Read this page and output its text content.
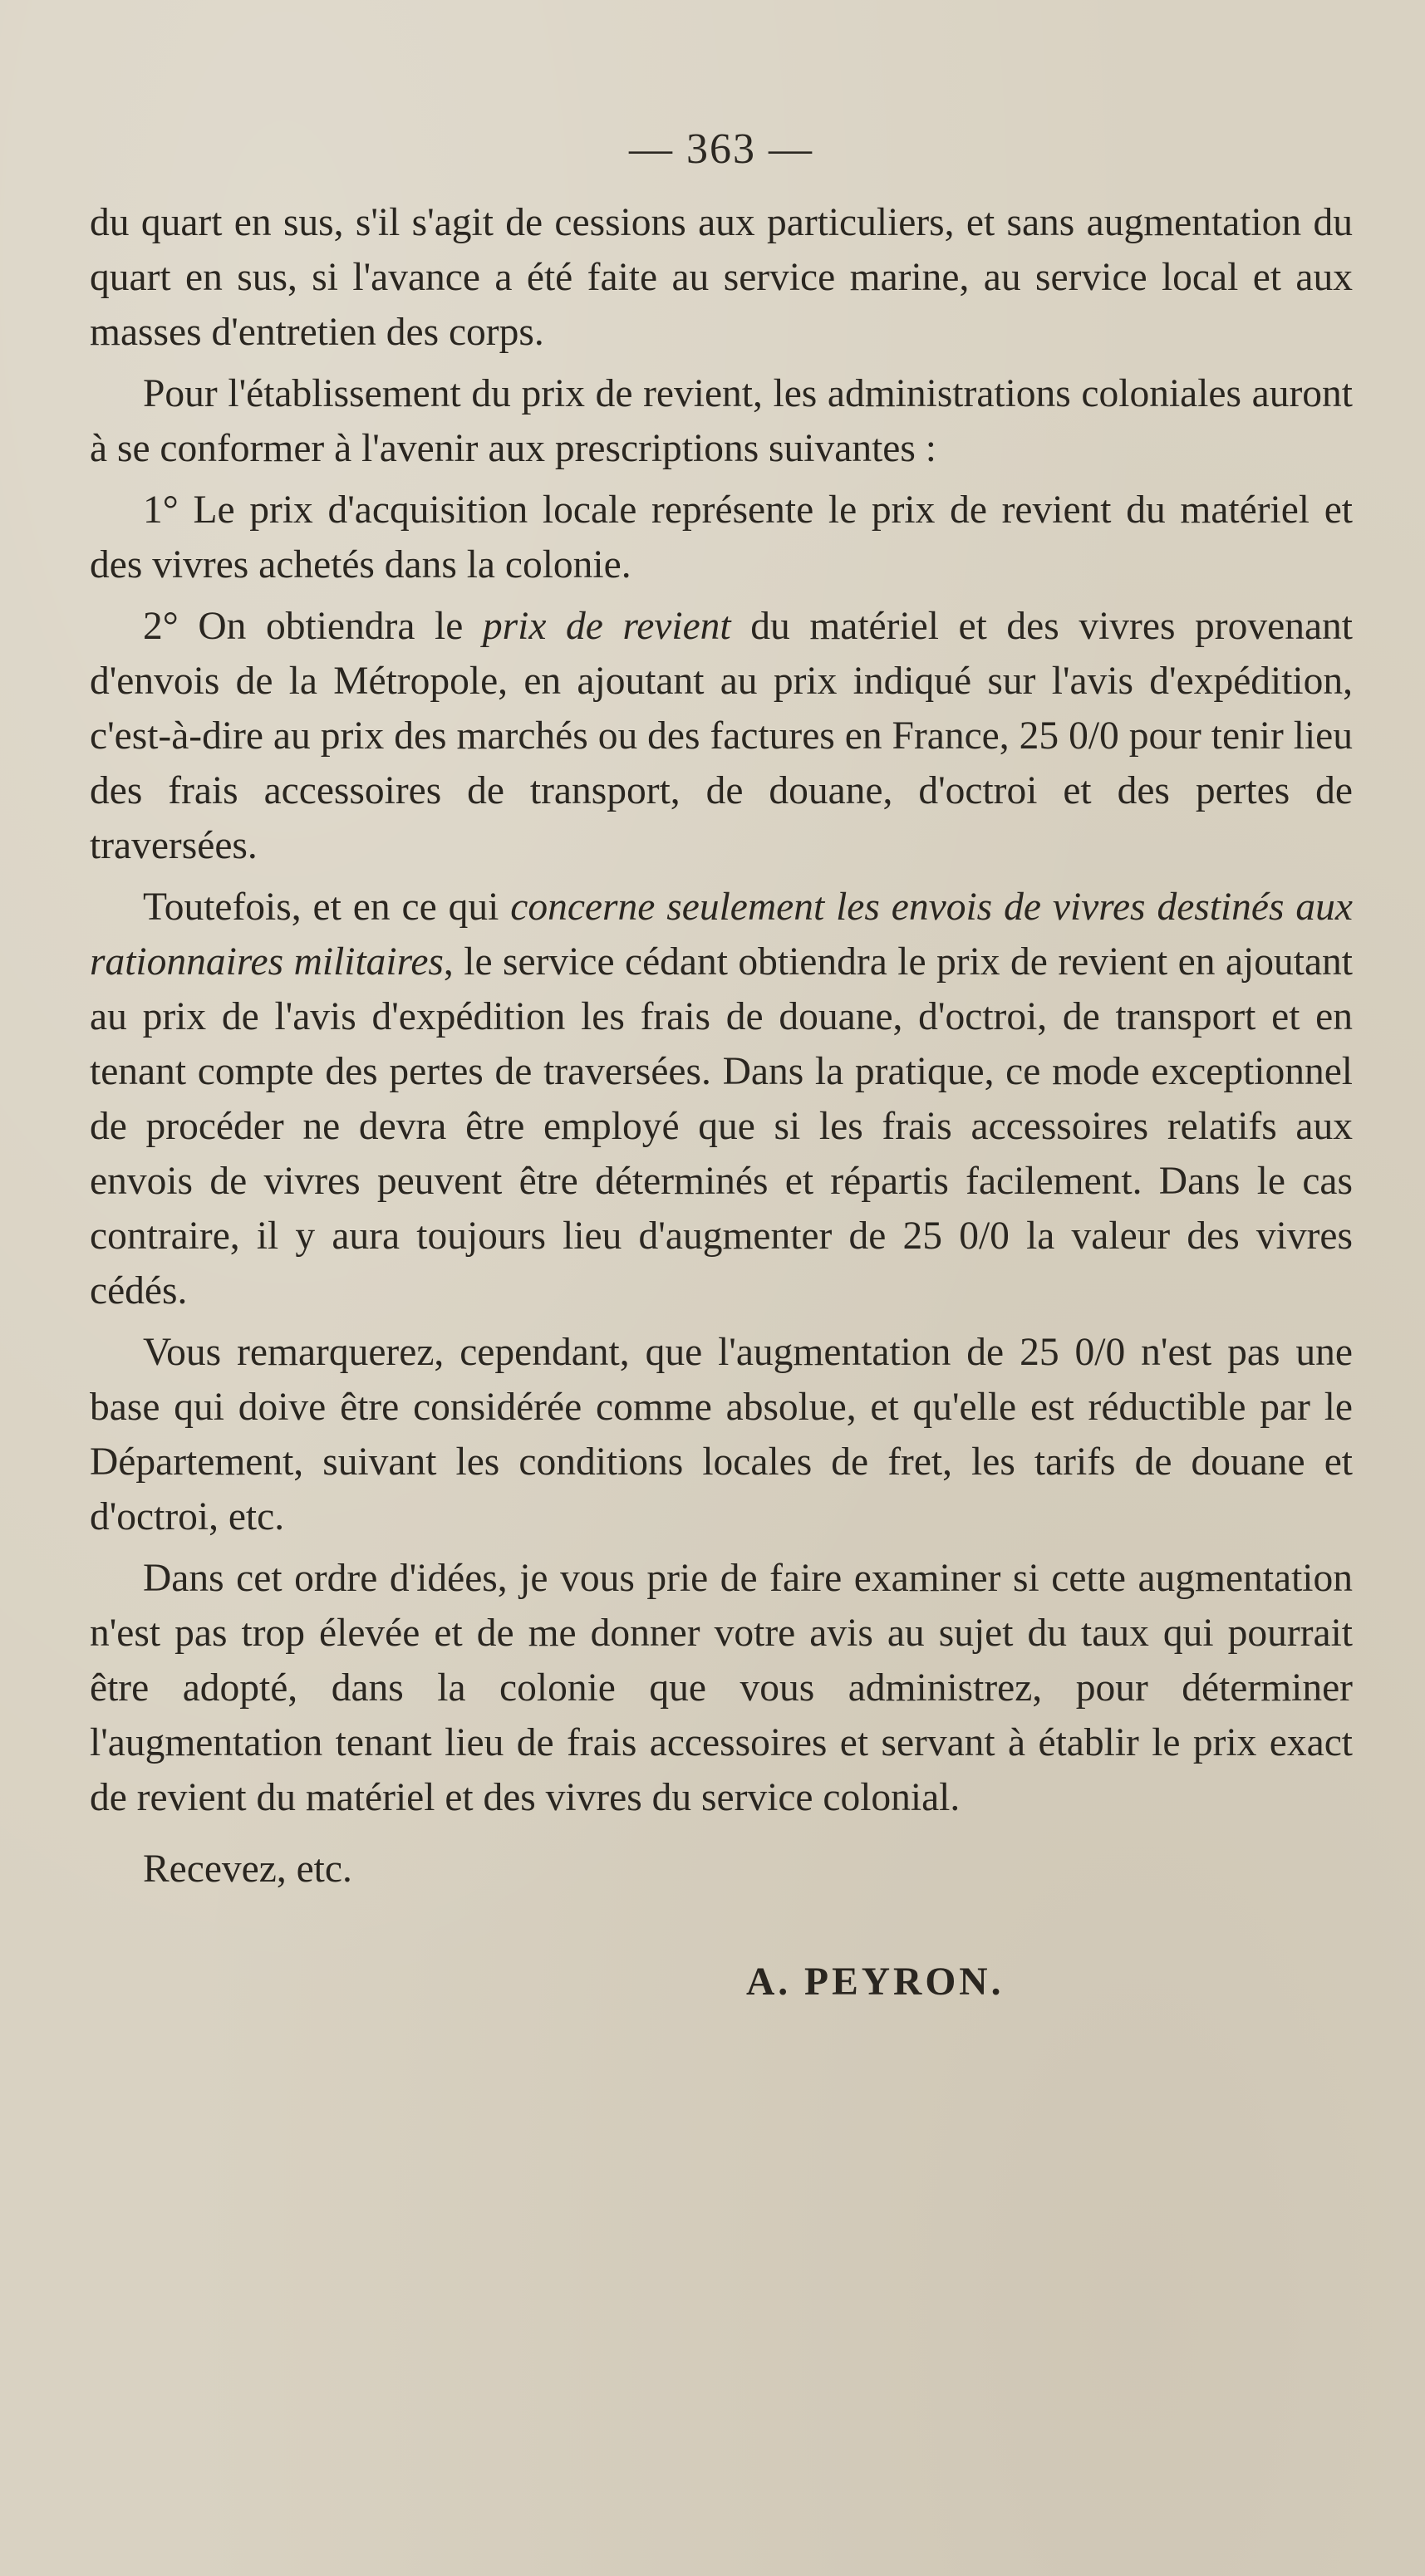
— 363 —

du quart en sus, s'il s'agit de cessions aux particuliers, et sans augmentation du quart en sus, si l'avance a été faite au service marine, au service local et aux masses d'entretien des corps.

Pour l'établissement du prix de revient, les administrations coloniales auront à se conformer à l'avenir aux prescriptions suivantes :

1° Le prix d'acquisition locale représente le prix de revient du matériel et des vivres achetés dans la colonie.

2° On obtiendra le prix de revient du matériel et des vivres provenant d'envois de la Métropole, en ajoutant au prix indiqué sur l'avis d'expédition, c'est-à-dire au prix des marchés ou des factures en France, 25 0/0 pour tenir lieu des frais accessoires de transport, de douane, d'octroi et des pertes de traversées.

Toutefois, et en ce qui concerne seulement les envois de vivres destinés aux rationnaires militaires, le service cédant obtiendra le prix de revient en ajoutant au prix de l'avis d'expédition les frais de douane, d'octroi, de transport et en tenant compte des pertes de traversées. Dans la pratique, ce mode exceptionnel de procéder ne devra être employé que si les frais accessoires relatifs aux envois de vivres peuvent être déterminés et répartis facilement. Dans le cas contraire, il y aura toujours lieu d'augmenter de 25 0/0 la valeur des vivres cédés.

Vous remarquerez, cependant, que l'augmentation de 25 0/0 n'est pas une base qui doive être considérée comme absolue, et qu'elle est réductible par le Département, suivant les conditions locales de fret, les tarifs de douane et d'octroi, etc.

Dans cet ordre d'idées, je vous prie de faire examiner si cette augmentation n'est pas trop élevée et de me donner votre avis au sujet du taux qui pourrait être adopté, dans la colonie que vous administrez, pour déterminer l'augmentation tenant lieu de frais accessoires et servant à établir le prix exact de revient du matériel et des vivres du service colonial.

Recevez, etc.

A. PEYRON.
